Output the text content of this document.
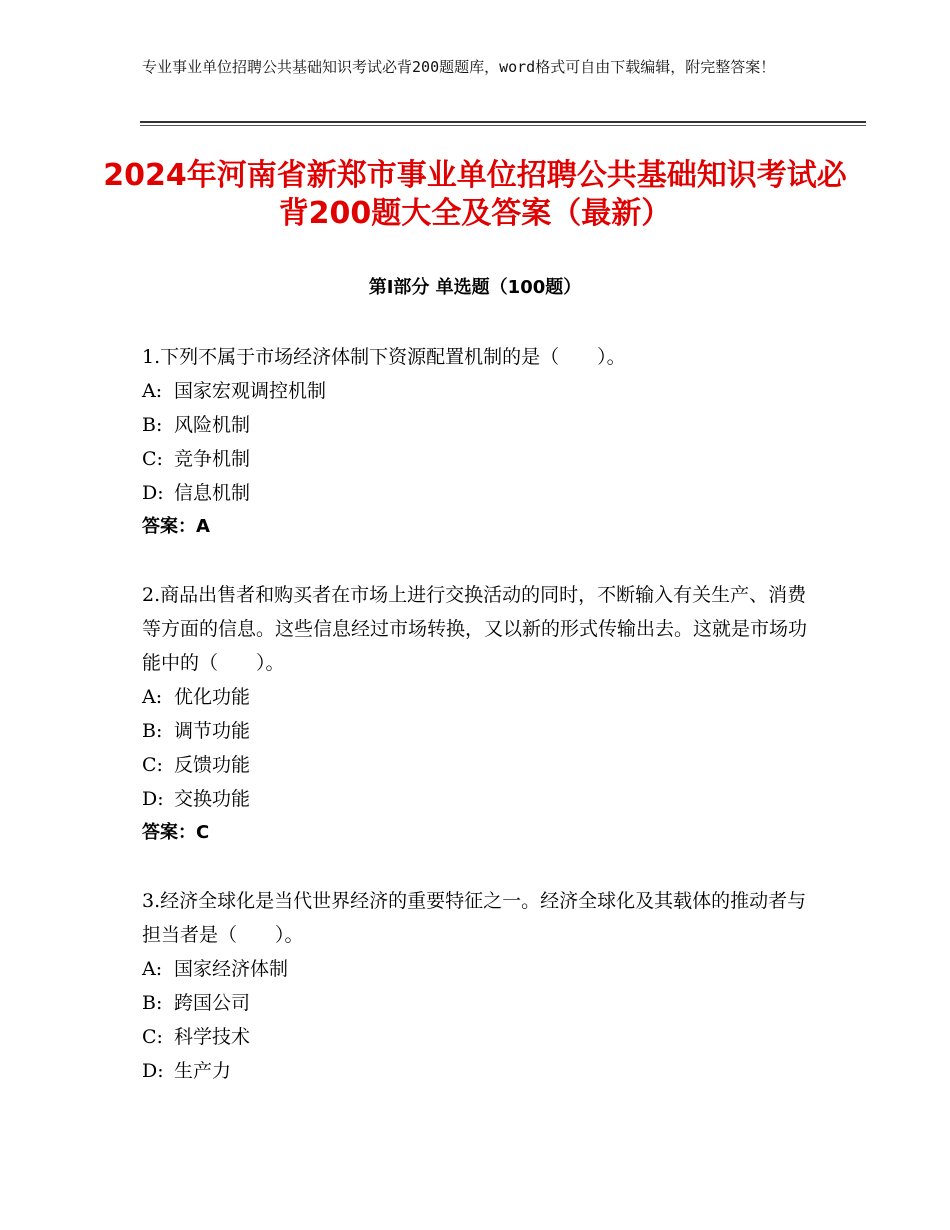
专业事业单位招聘公共基础知识考试必背200题题库，word格式可自由下载编辑，附完整答案！
2024年河南省新郑市事业单位招聘公共基础知识考试必背200题大全及答案（最新）
第Ⅰ部分 单选题（100题）

1.下列不属于市场经济体制下资源配置机制的是（　　）。

A: 国家宏观调控机制

B: 风险机制

C: 竞争机制

D: 信息机制

答案：A

2.商品出售者和购买者在市场上进行交换活动的同时，不断输入有关生产、消费等方面的信息。这些信息经过市场转换，又以新的形式传输出去。这就是市场功能中的（　　）。

A: 优化功能

B: 调节功能

C: 反馈功能

D: 交换功能

答案：C

3.经济全球化是当代世界经济的重要特征之一。经济全球化及其载体的推动者与担当者是（　　）。

A: 国家经济体制

B: 跨国公司

C: 科学技术

D: 生产力
